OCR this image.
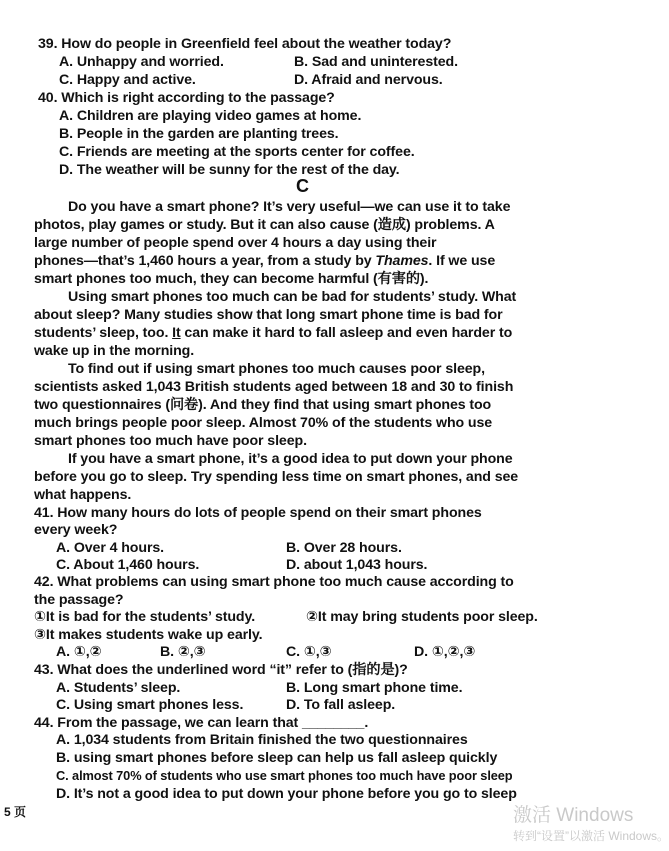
39. How do people in Greenfield feel about the weather today?
A. Unhappy and worried.	B. Sad and uninterested.
C. Happy and active.	D. Afraid and nervous.
40. Which is right according to the passage?
A. Children are playing video games at home.
B. People in the garden are planting trees.
C. Friends are meeting at the sports center for coffee.
D. The weather will be sunny for the rest of the day.
C
Do you have a smart phone? It’s very useful—we can use it to take
photos, play games or study. But it can also cause (造成) problems. A
large number of people spend over 4 hours a day using their
phones—that’s 1,460 hours a year, from a study by Thames. If we use
smart phones too much, they can become harmful (有害的).
Using smart phones too much can be bad for students’ study. What
about sleep? Many studies show that long smart phone time is bad for
students’ sleep, too. It can make it hard to fall asleep and even harder to
wake up in the morning.
To find out if using smart phones too much causes poor sleep,
scientists asked 1,043 British students aged between 18 and 30 to finish
two questionnaires (问卷). And they find that using smart phones too
much brings people poor sleep. Almost 70% of the students who use
smart phones too much have poor sleep.
If you have a smart phone, it’s a good idea to put down your phone
before you go to sleep. Try spending less time on smart phones, and see
what happens.
41. How many hours do lots of people spend on their smart phones
every week?
A. Over 4 hours.	B. Over 28 hours.
C. About 1,460 hours.	D. about 1,043 hours.
42. What problems can using smart phone too much cause according to
the passage?
①It is bad for the students’ study.	②It may bring students poor sleep.
③It makes students wake up early.
A. ①,②	B. ②,③	C. ①,③	D. ①,②,③
43. What does the underlined word “it” refer to (指的是)?
A. Students’ sleep.	B. Long smart phone time.
C. Using smart phones less.	D. To fall asleep.
44. From the passage, we can learn that ________.
A. 1,034 students from Britain finished the two questionnaires
B. using smart phones before sleep can help us fall asleep quickly
C. almost 70% of students who use smart phones too much have poor sleep
D. It’s not a good idea to put down your phone before you go to sleep
5 页	激活 Windows
转到“设置”以激活 Windows。
